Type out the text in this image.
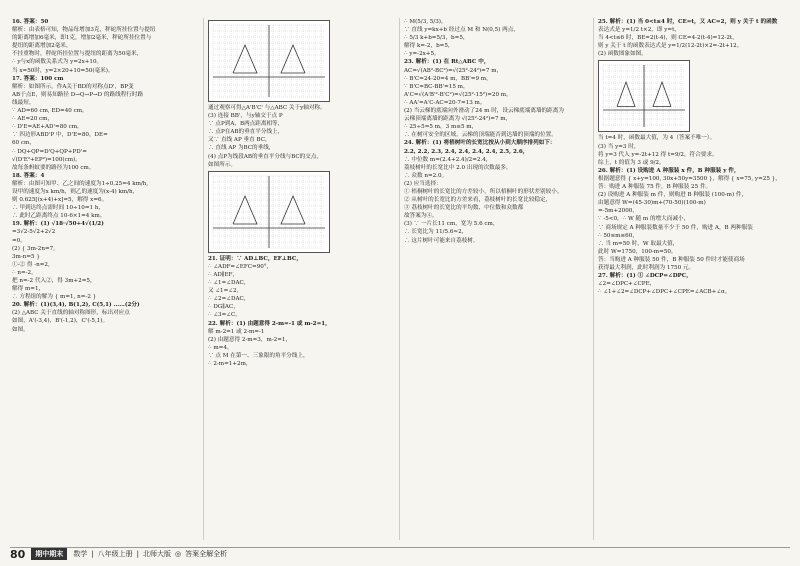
16. 答案：50
解析：由表格可知，物品每增加3克，秤砣所挂位置与提纽
的距离增加6毫米，即1克，增加2毫米，秤砣所挂位置与
提纽的距离增加2毫米。
不挂重物时，秤砣所挂位置与提纽的距离为50毫米，
∴ y与x的函数关系式为 y=2x+10。
当 x=50时，y=2×20+10=50(毫米)。
17. 答案：100 cm
解析：如图所示，作A关于BD的对称点D'，BP变
AB于点E，则易知路径 D→Q→P→D 的路线程行时路
线最短。
∵ AD=60 cm, ED=40 cm，
∴ AE=20 cm，
∴ D'E=AE+AD'=80 cm，
∵ 四边形ABD'P 中，D'E=80，DE=
60 cm，
∴ DQ+QP=D'Q+QP+PD'=
√(D'E²+EP²)=100(cm)。
故每条蚂蚁要的路径为100 cm。
18. 答案：4
解析：由图可知甲、乙之间的速度为1÷0.25=4 km/h,
设甲的速度为x km/h，则乙的速度为(x-4) km/h，
则 0.625[(x+4)+x]=5，解得 x=6。
∴ 甲到达终点需时间 10÷10=1 h，
∴ 此时乙距离终点 10-6×1=4 km。
19. 解析：(1) √18·√50+4√(1/2)
=3√2-5√2+2√2
=0。
(2) { 3m-2n=7,
3m-n=5 }
①-② 得 -n=2,
∴ n=-2，
把 n=-2 代入②，得 3m+2=5，
解得 m=1，
∴ 方程组的解为 { m=1, n=-2 }
20. 解析：(1)(3,4), B(1,2), C(5,1) ……(2分)
(2) △ABC 关于直线的轴对称图形，标出对应点
如图，A'(-3,4)，B'(-1,2)，C'(-5,1)。
如图。
通过观察可得△A'B'C' 与△ABC 关于y轴对称。
(3) 连接 BB'，与y轴交于点 P
∵ 点P到A，B两点距离相等，
∴ 点P在AB的垂直平分线上，
又∵ 直线 AP 垂直 BC，
∴ 直线 AP 为BC的垂线，
(4) 点P为线段AB的垂直平分线与BC的交点，
如图所示。
21. 证明：∵ AD⊥BC，EF⊥BC，
∴ ∠ADF=∠EFC=90°，
∴ AD∥EF，
∴ ∠1=∠DAC，
又 ∠1=∠2，
∴ ∠2=∠DAC，
∴ DG∥AC，
∴ ∠3=∠C。
22. 解析：(1) 由题意得 2-m=-1 或 m-2=1，
解 m-2=1 或 2-m=-1
(2) 由题意得 2-m=3，m-2=1，
∴ m=4。
∵ 点 M 在第一、三象限的角平分线上，
∴ 2-m=1+2m，
∴ M(5/3, 5/3)，
∵ 直线 y=kx+b 经过点 M 和 N(0,5) 两点，
∴ 5/3 k+b=5/3，b=5，
解得 k=-2，b=5，
∴ y=-2x+5。
23. 解析：(1) 在 Rt△ABC 中，
AC=√(AB²-BC²)=√(25²-24²)=7 m，
∴ B'C=24-20=4 m，BB'=9 m，
∵ B'C=BC-BB'=15 m，
A'C=√(A'B'²-B'C²)=√(25²-15²)=20 m，
∴ AA'=A'C-AC=20-7=13 m。
(2) 当云梯的底端向外滑动了24 m 时，设云梯底端离墙的距离为
云梯顶端离墙的距离为 √(25²-24²)=7 m，
∴ 25÷5=5 m，3 m≤5 m，
∴ 在树可安全的区域，云梯的顶端能否到达墙的顶端的位置。
24. 解析：(1) 将梧树叶的长宽比按从小到大顺序排列如下：
2.2, 2.2, 2.3, 2.4, 2.4, 2.4, 2.4, 2.5, 2.6，
∴ 中位数 m=(2.4+2.4)/2=2.4，
荔枝树叶的长宽比中 2.0 出现的次数最多，
∴ 众数 n=2.0。
(2) 应当选择：
① 梧桐树叶的长宽比的方差较小，所以梧桐叶的形状差别较小。
② 从树叶的长宽比的方差来看，荔枝树叶的长宽比较稳定，
③ 荔枝树叶的长宽比的平均数、中位数和众数都
故答案为④。
(3) ∵ 一片长11 cm，宽为 5.6 cm，
∴ 长宽比为 11/5.6≈2，
∴ 这片树叶可能来自荔枝树。
25. 解析：(1) 当 0<t≤4 时，CE=t，又 AC=2，则 y 关于 t 的函数
表达式是 y=1/2 t×2，即 y=t，
当 4<t≤6 时，BE=2(t-4)，则 CE=4-2(t-4)=12-2t，
则 y 关于 t 的函数表达式是 y=1/2(12-2t)×2=-2t+12。
(2) 函数图象如图。
当 t=4 时，函数最大值，为 4（答案不唯一）。
(3) 当 y=3 时，
将 y=3 代入 y=-2t+12 得 t=9/2，符合要求。
综上，t 的值为 3 或 9/2。
26. 解析：(1) 设购进 A 种服装 x 件，B 种服装 y 件，
根据题意得 { x+y=100, 30x+50y=3500 }，解得 { x=75, y=25 }，
答：购进 A 种服装 75 件，B 种服装 25 件。
(2) 设购进 A 种服装 m 件，则购进 B 种服装 (100-m) 件，
由题意得 W=(45-30)m+(70-50)(100-m)
=-5m+2000，
∵ -5<0，∴ W 随 m 的增大而减小，
∵ 商场规定 A 种服装数量不少于 50 件，购进 A，B 两种服装
∴ 50≤m≤60，
∴ 当 m=50 时，W 取最大值，
此时 W=1750，100-m=50。
答：当购进 A 种服装 50 件，B 种服装 50 件时才能使商场
获得最大利润，此时利润为 1750 元。
27. 解析：(1) ① ∠DCP=∠DPC，
∠2=∠DPC+∠CPE，
∴ ∠1+∠2=∠DCP+∠DPC+∠CPE=∠ACB+∠α。
80	期中期末	数学 | 八年级上册 | 北师大版 ◎ 答案全解全析
